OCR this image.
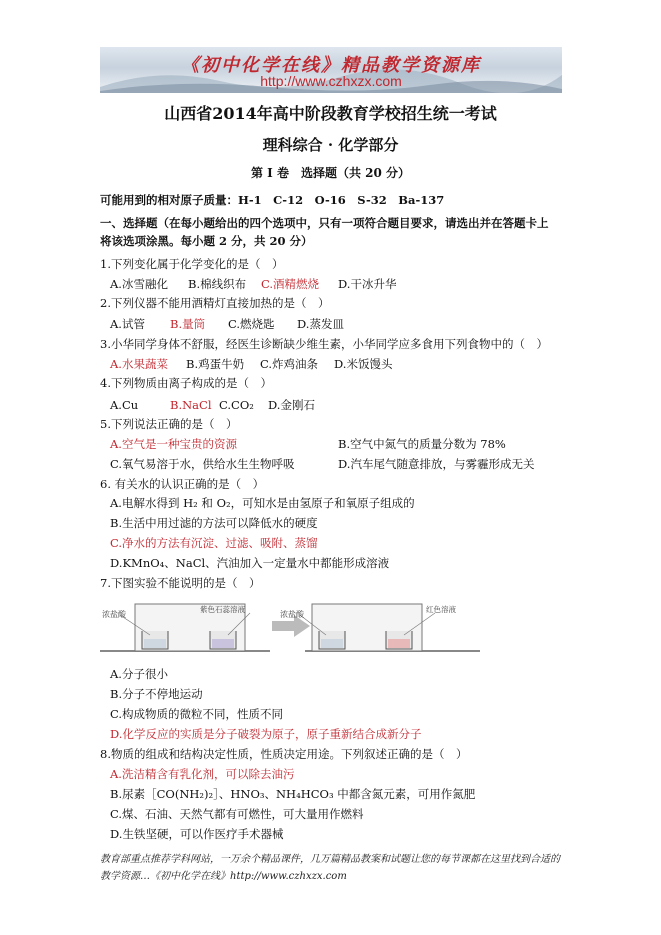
《初中化学在线》精品教学资源库
http://www.czhxzx.com
山西省2014年高中阶段教育学校招生统一考试
理科综合 · 化学部分
第 I 卷　选择题（共 20 分）
可能用到的相对原子质量：H-1　C-12　O-16　S-32　Ba-137
一、选择题（在每小题给出的四个选项中，只有一项符合题目要求，请选出并在答题卡上
将该选项涂黑。每小题 2 分，共 20 分）
1.下列变化属于化学变化的是（　）
A.冰雪融化 B.棉线织布 C.酒精燃烧 D.干冰升华
2.下列仪器不能用酒精灯直接加热的是（　）
A.试管 B.量筒 C.燃烧匙 D.蒸发皿
3.小华同学身体不舒服，经医生诊断缺少维生素，小华同学应多食用下列食物中的（　）
A.水果蔬菜 B.鸡蛋牛奶 C.炸鸡油条 D.米饭馒头
4.下列物质由离子构成的是（　）
A.Cu	B.NaCl C.CO₂ D.金刚石
5.下列说法正确的是（　）
A.空气是一种宝贵的资源	B.空气中氮气的质量分数为 78%
C.氧气易溶于水，供给水生生物呼吸	D.汽车尾气随意排放，与雾霾形成无关
6. 有关水的认识正确的是（　）
A.电解水得到 H₂ 和 O₂，可知水是由氢原子和氧原子组成的
B.生活中用过滤的方法可以降低水的硬度
C.净水的方法有沉淀、过滤、吸附、蒸馏
D.KMnO₄、NaCl、汽油加入一定量水中都能形成溶液
7.下图实验不能说明的是（　）
浓盐酸
紫色石蕊溶液
浓盐酸
红色溶液
A.分子很小
B.分子不停地运动
C.构成物质的微粒不同，性质不同
D.化学反应的实质是分子破裂为原子，原子重新结合成新分子
8.物质的组成和结构决定性质，性质决定用途。下列叙述正确的是（　）
A.洗洁精含有乳化剂，可以除去油污
B.尿素［CO(NH₂)₂］、HNO₃、NH₄HCO₃ 中都含氮元素，可用作氮肥
C.煤、石油、天然气都有可燃性，可大量用作燃料
D.生铁坚硬，可以作医疗手术器械
教育部重点推荐学科网站，一万余个精品课件，几万篇精品教案和试题让您的每节课都在这里找到合适的
教学资源…《初中化学在线》http://www.czhxzx.com
